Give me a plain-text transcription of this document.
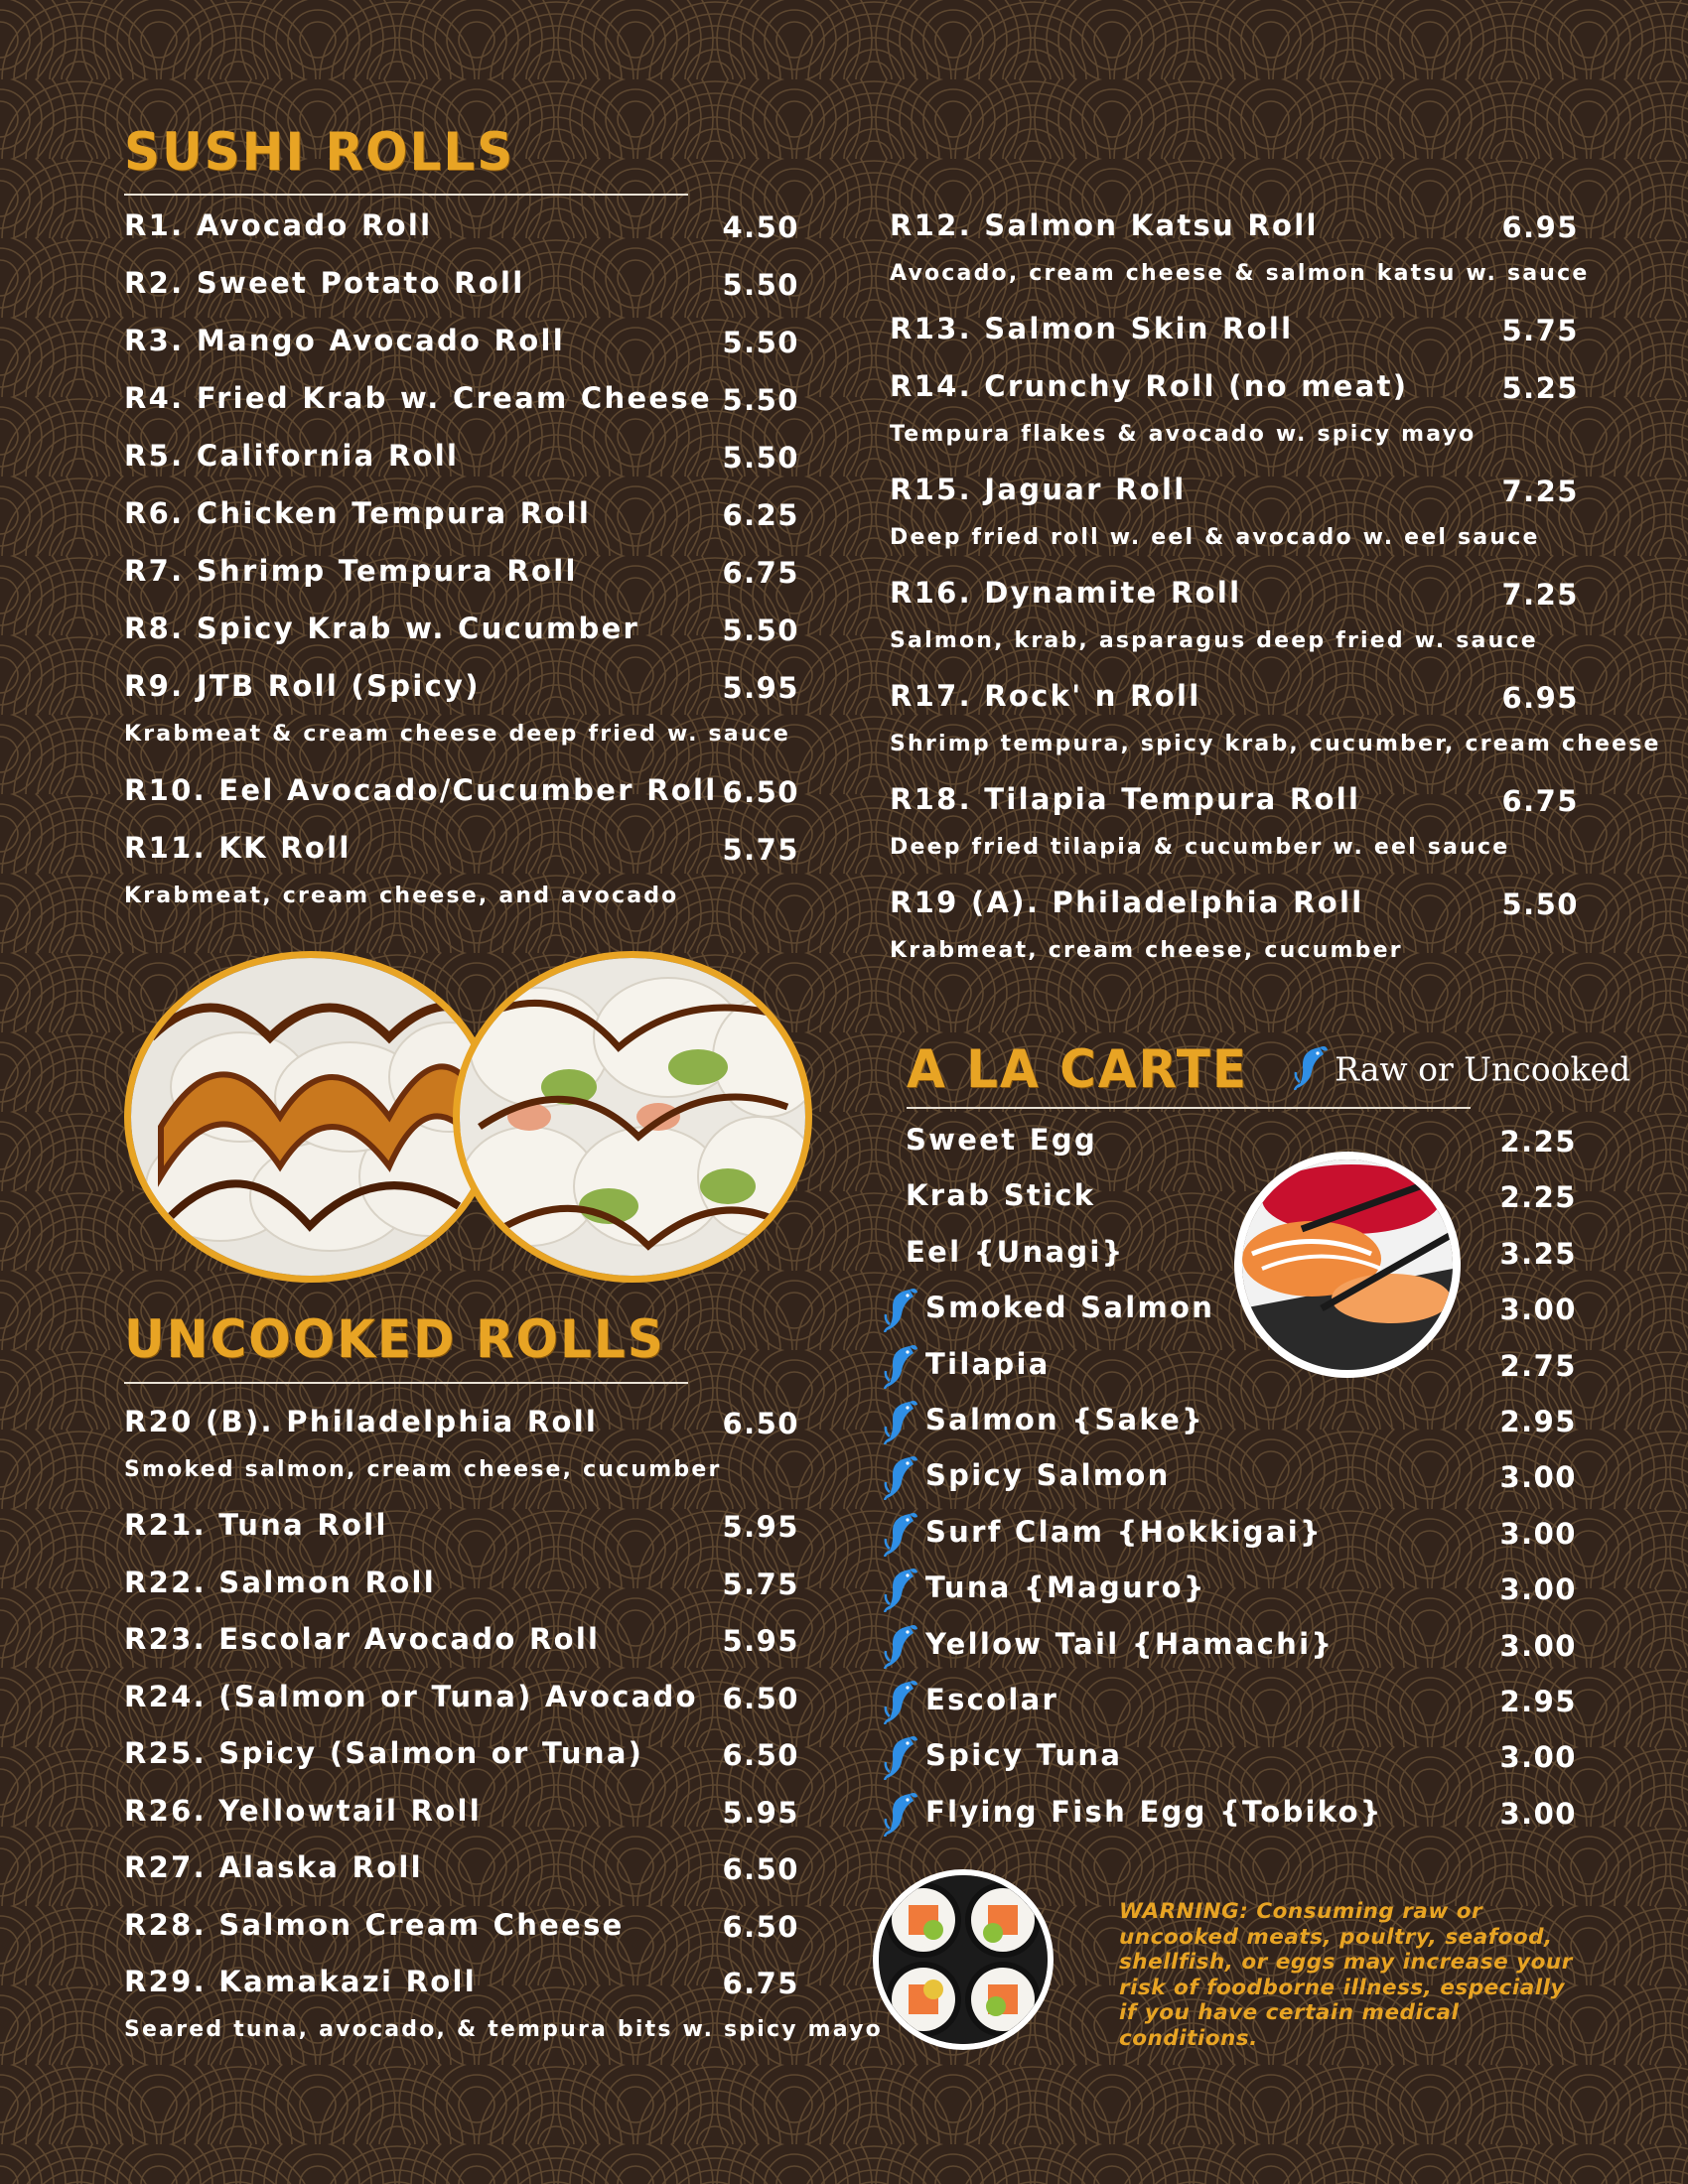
SUSHI ROLLS
R1. Avocado Roll	4.50
R2. Sweet Potato Roll	5.50
R3. Mango Avocado Roll	5.50
R4. Fried Krab w. Cream Cheese 5.50
R5. California Roll	5.50
R6. Chicken Tempura Roll	6.25
R7. Shrimp Tempura Roll	6.75
R8. Spicy Krab w. Cucumber	5.50
R9. JTB Roll (Spicy)	5.95
Krabmeat & cream cheese deep fried w. sauce
R10. Eel Avocado/Cucumber Roll 6.50
R11. KK Roll	5.75
Krabmeat, cream cheese, and avocado
R12. Salmon Katsu Roll	6.95
Avocado, cream cheese & salmon katsu w. sauce
R13. Salmon Skin Roll	5.75
R14. Crunchy Roll (no meat)	5.25
Tempura flakes & avocado w. spicy mayo
R15. Jaguar Roll	7.25
Deep fried roll w. eel & avocado w. eel sauce
R16. Dynamite Roll	7.25
Salmon, krab, asparagus deep fried w. sauce
R17. Rock' n Roll	6.95
Shrimp tempura, spicy krab, cucumber, cream cheese
R18. Tilapia Tempura Roll	6.75
Deep fried tilapia & cucumber w. eel sauce
R19 (A). Philadelphia Roll	5.50
Krabmeat, cream cheese, cucumber
UNCOOKED ROLLS
R20 (B). Philadelphia Roll	6.50
Smoked salmon, cream cheese, cucumber
R21. Tuna Roll	5.95
R22. Salmon Roll	5.75
R23. Escolar Avocado Roll	5.95
R24. (Salmon or Tuna) Avocado 6.50
R25. Spicy (Salmon or Tuna)	6.50
R26. Yellowtail Roll	5.95
R27. Alaska Roll	6.50
R28. Salmon Cream Cheese	6.50
R29. Kamakazi Roll	6.75
Seared tuna, avocado, & tempura bits w. spicy mayo
A LA CARTE	Raw or Uncooked
Sweet Egg	2.25
Krab Stick	2.25
Eel {Unagi}	3.25
Smoked Salmon	3.00
Tilapia	2.75
Salmon {Sake}	2.95
Spicy Salmon	3.00
Surf Clam {Hokkigai}	3.00
Tuna {Maguro}	3.00
Yellow Tail {Hamachi}	3.00
Escolar	2.95
Spicy Tuna	3.00
Flying Fish Egg {Tobiko}	3.00
WARNING: Consuming raw or uncooked meats, poultry, seafood, shellfish, or eggs may increase your risk of foodborne illness, especially if you have certain medical conditions.
